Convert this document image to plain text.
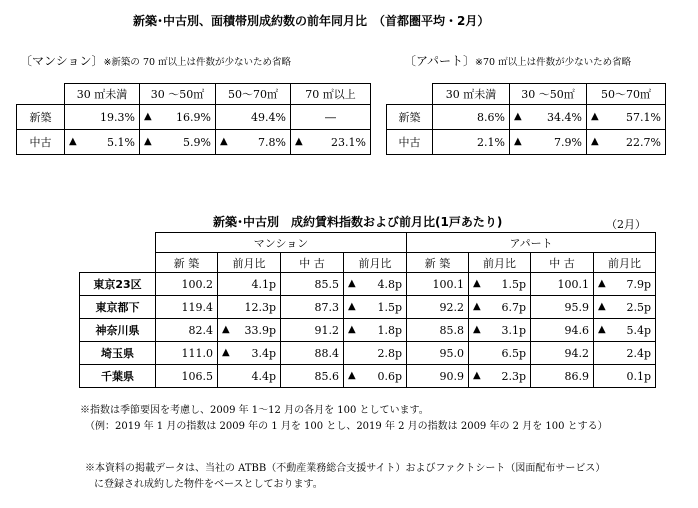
新築･中古別、面積帯別成約数の前年同月比　（首都圏平均・2月）
〔マンション〕※新築の 70 ㎡以上は件数が少ないため省略	〔アパート〕※70 ㎡以上は件数が少ないため省略
	30 ㎡未満	30 ～50㎡	50～70㎡	70 ㎡以上
新築	19.3%	▲ 16.9%	49.4%	―
中古	▲ 5.1%	▲ 5.9%	▲ 7.8%	▲ 23.1%
	30 ㎡未満	30 ～50㎡	50～70㎡
新築	8.6%	▲ 34.4%	▲ 57.1%
中古	2.1%	▲ 7.9%	▲ 22.7%
新築･中古別　成約賃料指数および前月比(1戸あたり)	（2月）
	マンション				アパート			
	新 築	前月比	中 古	前月比	新 築	前月比	中 古	前月比
東京23区	100.2	4.1p	85.5	▲ 4.8p	100.1	▲ 1.5p	100.1	▲ 7.9p
東京都下	119.4	12.3p	87.3	▲ 1.5p	92.2	▲ 6.7p	95.9	▲ 2.5p
神奈川県	82.4	▲ 33.9p	91.2	▲ 1.8p	85.8	▲ 3.1p	94.6	▲ 5.4p
埼玉県	111.0	▲ 3.4p	88.4	2.8p	95.0	6.5p	94.2	2.4p
千葉県	106.5	4.4p	85.6	▲ 0.6p	90.9	▲ 2.3p	86.9	0.1p
※指数は季節要因を考慮し、2009 年 1～12 月の各月を 100 としています。
（例：2019 年 1 月の指数は 2009 年の 1 月を 100 とし、2019 年 2 月の指数は 2009 年の 2 月を 100 とする）
※本資料の掲載データは、当社の ATBB（不動産業務総合支援サイト）およびファクトシート（図面配布サービス）
に登録され成約した物件をベースとしております。
